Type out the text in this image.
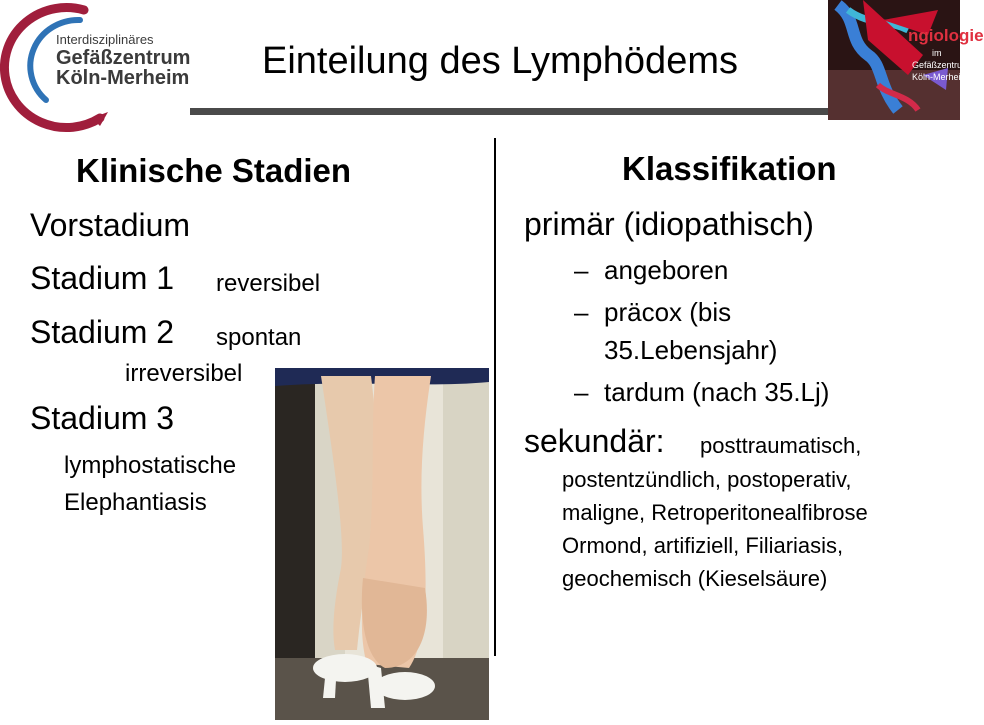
Interdisziplinäres
Gefäßzentrum
Köln-Merheim Einteilung des Lymphödems
ngiologie
im
Gefäßzentrum
Köln-Merheim
Klinische Stadien
Vorstadium
Stadium 1 reversibel
Stadium 2 spontan
irreversibel
Stadium 3
lymphostatische
Elephantiasis
Klassifikation
primär (idiopathisch)
– angeboren
– präcox (bis
35.Lebensjahr)
– tardum (nach 35.Lj)
sekundär: posttraumatisch,
postentzündlich, postoperativ,
maligne, Retroperitonealfibrose
Ormond, artifiziell, Filiariasis,
geochemisch (Kieselsäure)
